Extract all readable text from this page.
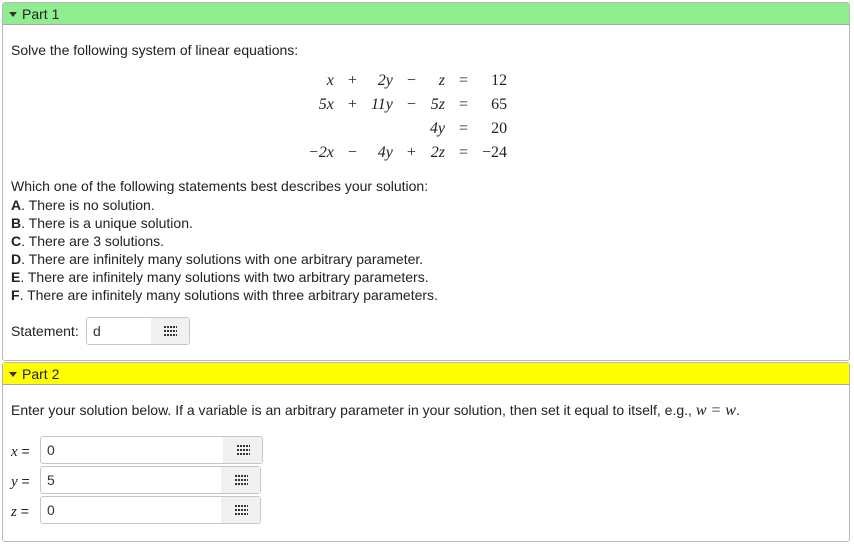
Part 1
Solve the following system of linear equations:
x	+	2y	−	z	=	12
5x	+	11y	−	5z	=	65
				4y	=	20
−2x	−	4y	+	2z	=	−24
Which one of the following statements best describes your solution:
A. There is no solution.
B. There is a unique solution.
C. There are 3 solutions.
D. There are infinitely many solutions with one arbitrary parameter.
E. There are infinitely many solutions with two arbitrary parameters.
F. There are infinitely many solutions with three arbitrary parameters.
Statement:	d
Part 2
Enter your solution below. If a variable is an arbitrary parameter in your solution, then set it equal to itself, e.g., w = w.
x =	0
y =	5
z =	0
